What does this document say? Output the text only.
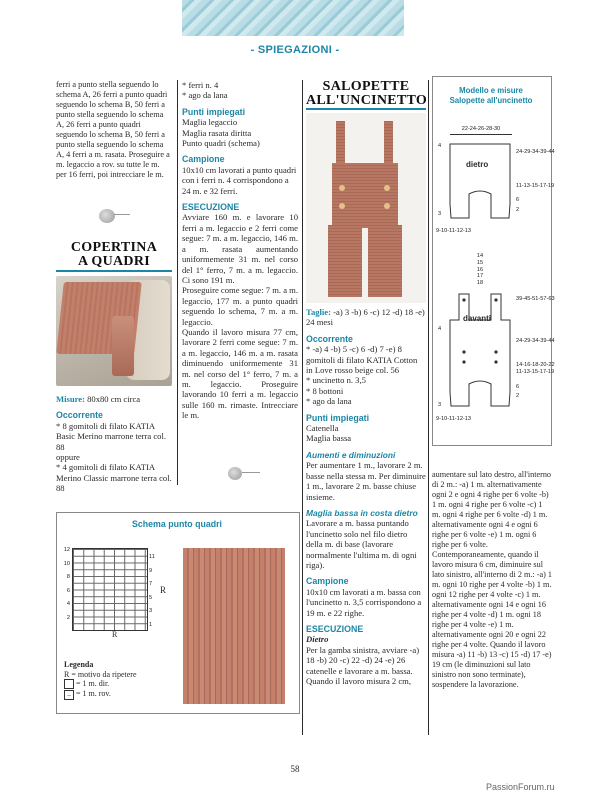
- SPIEGAZIONI -

ferri a punto stella seguendo lo schema A, 26 ferri a punto quadri seguendo lo schema B, 50 ferri a punto stella seguendo lo schema A, 26 ferri a punto quadri seguendo lo schema B, 50 ferri a punto stella seguendo lo schema A, 4 ferri a m. rasata. Proseguire a m. legaccio a rov. su tutte le m. per 16 ferri, poi intrecciare le m.

COPERTINA
A QUADRI

Misure: 80x80 cm circa

Occorrente

* 8 gomitoli di filato KATIA Basic Merino marrone terra col. 88

oppure

* 4 gomitoli di filato KATIA Merino Classic marrone terra col. 88

* ferri n. 4

* ago da lana

Punti impiegati

Maglia legaccio

Maglia rasata diritta

Punto quadri (schema)

Campione

10x10 cm lavorati a punto quadri con i ferri n. 4 corrispondono a 24 m. e 32 ferri.

ESECUZIONE

Avviare 160 m. e lavorare 10 ferri a m. legaccio e 2 ferri come segue: 7 m. a m. legaccio, 146 m. a m. rasata aumentando uniformemente 31 m. nel corso del 1° ferro, 7 m. a m. legaccio. Ci sono 191 m.

Proseguire come segue: 7 m. a m. legaccio, 177 m. a punto quadri seguendo lo schema, 7 m. a m. legaccio.

Quando il lavoro misura 77 cm, lavorare 2 ferri come segue: 7 m. a m. legaccio, 146 m. a m. rasata diminuendo uniformemente 31 m. nel corso del 1° ferro, 7 m. a m. legaccio. Proseguire lavorando 10 ferri a m. legaccio sulle 160 m. rimaste. Intrecciare le m.

Schema punto quadri
12
10
8
6
4
2
11
9
7
5
3
1
R
R
Legenda
R = motivo da ripetere
= 1 m. dir.
– = 1 m. rov.
SALOPETTE
ALL'UNCINETTO

Taglie: -a) 3 -b) 6 -c) 12 -d) 18 -e) 24 mesi

Occorrente

* -a) 4 -b) 5 -c) 6 -d) 7 -e) 8 gomitoli di filato KATIA Cotton in Love rosso beige col. 56

* uncinetto n. 3,5

* 8 bottoni

* ago da lana

Punti impiegati

Catenella

Maglia bassa

Aumenti e diminuzioni

Per aumentare 1 m., lavorare 2 m. basse nella stessa m. Per diminuire 1 m., lavorare 2 m. basse chiuse insieme.

Maglia bassa in costa dietro

Lavorare a m. bassa puntando l'uncinetto solo nel filo dietro della m. di base (lavorare normalmente l'ultima m. di ogni riga).

Campione

10x10 cm lavorati a m. bassa con l'uncinetto n. 3,5 corrispondono a 19 m. e 22 righe.

ESECUZIONE

Dietro

Per la gamba sinistra, avviare -a) 18 -b) 20 -c) 22 -d) 24 -e) 26 catenelle e lavorare a m. bassa. Quando il lavoro misura 2 cm,

Modello e misure
Salopette all'uncinetto
22-24-26-28-30
dietro
24-29-34-39-44
11-13-15-17-19
6
2
4
3
9-10-11-12-13
14
15
16
17
18
davanti
39-45-51-57-63
24-29-34-39-44
14-16-18-20-22
11-13-15-17-19
6
2
4
3
9-10-11-12-13

aumentare sul lato destro, all'interno di 2 m.: -a) 1 m. alternativamente ogni 2 e ogni 4 righe per 6 volte -b) 1 m. ogni 4 righe per 6 volte -c) 1 m. ogni 4 righe per 6 volte -d) 1 m. alternativamente ogni 4 e ogni 6 righe per 6 volte -e) 1 m. ogni 6 righe per 6 volte. Contemporaneamente, quando il lavoro misura 6 cm, diminuire sul lato sinistro, all'interno di 2 m.: -a) 1 m. ogni 10 righe per 4 volte -b) 1 m. ogni 12 righe per 4 volte -c) 1 m. alternativamente ogni 14 e ogni 16 righe per 4 volte -d) 1 m. ogni 18 righe per 4 volte -e) 1 m. alternativamente ogni 20 e ogni 22 righe per 4 volte. Quando il lavoro misura -a) 11 -b) 13 -c) 15 -d) 17 -e) 19 cm (le diminuzioni sul lato sinistro non sono terminate), sospendere la lavorazione.

58
PassionForum.ru
